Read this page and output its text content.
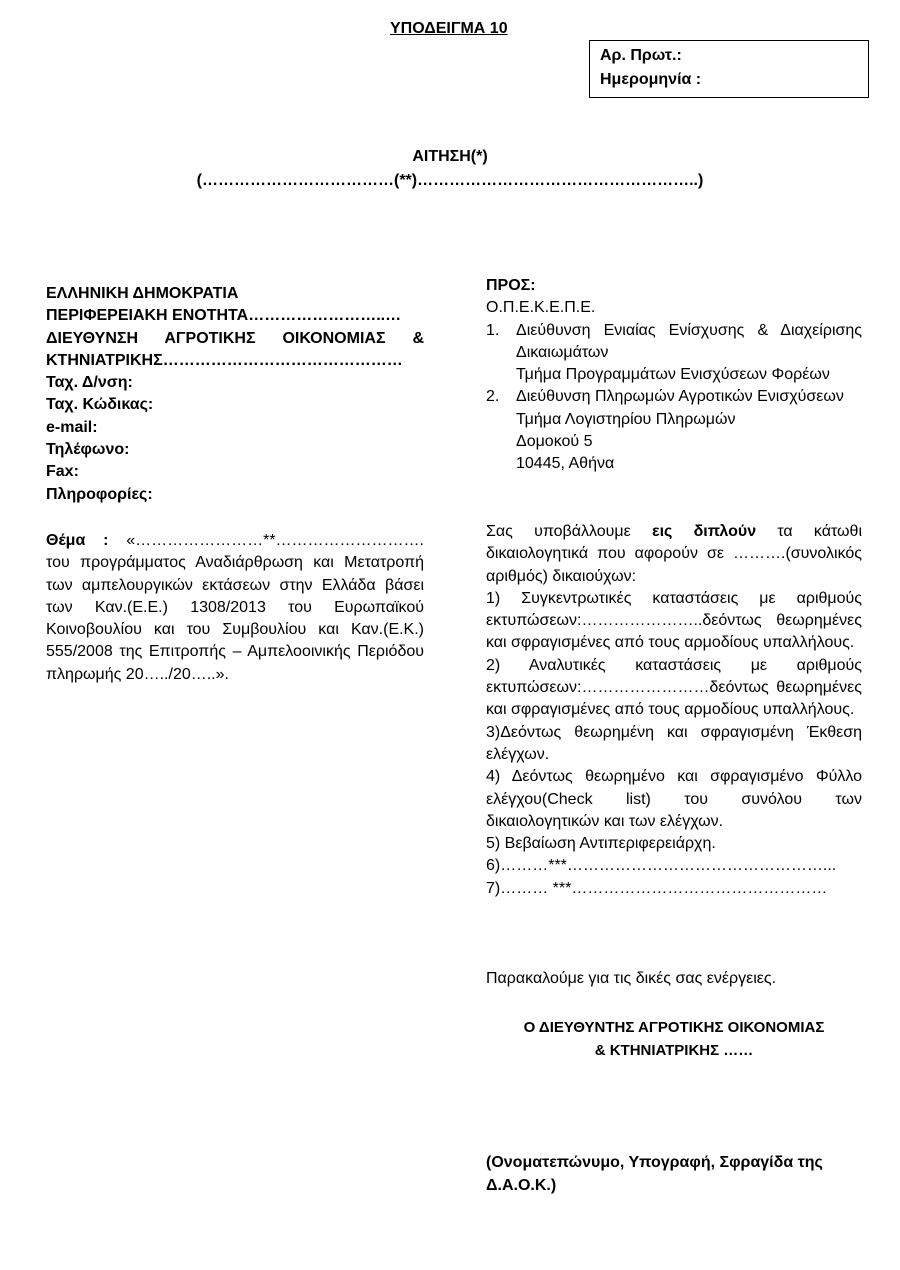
ΥΠΟΔΕΙΓΜΑ 10
Αρ. Πρωτ.:
Ημερομηνία :
ΑΙΤΗΣΗ(*)
(………………………………(**)……………………………………………..)
ΕΛΛΗΝΙΚΗ ΔΗΜΟΚΡΑΤΙΑ
ΠΕΡΙΦΕΡΕΙΑΚΗ ΕΝΟΤΗΤΑ……………………..…
ΔΙΕΥΘΥΝΣΗ ΑΓΡΟΤΙΚΗΣ ΟΙΚΟΝΟΜΙΑΣ &
ΚΤΗΝΙΑΤΡΙΚΗΣ………………………………………
Ταχ. Δ/νση:
Ταχ. Κώδικας:
e-mail:
Τηλέφωνο:
Fax:
Πληροφορίες:
Θέμα : «……………………**………………………. του προγράμματος Αναδιάρθρωση και Μετατροπή των αμπελουργικών εκτάσεων στην Ελλάδα βάσει των Καν.(Ε.Ε.) 1308/2013 του Ευρωπαϊκού Κοινοβουλίου και του Συμβουλίου και Καν.(Ε.Κ.) 555/2008 της Επιτροπής – Αμπελοοινικής Περιόδου πληρωμής 20…../20…..».
ΠΡΟΣ:
Ο.Π.Ε.Κ.Ε.Π.Ε.
1. Διεύθυνση Ενιαίας Ενίσχυσης & Διαχείρισης Δικαιωμάτων
Τμήμα Προγραμμάτων Ενισχύσεων Φορέων
2. Διεύθυνση Πληρωμών Αγροτικών Ενισχύσεων
Τμήμα Λογιστηρίου Πληρωμών
Δομοκού 5
10445, Αθήνα

Σας υποβάλλουμε εις διπλούν τα κάτωθι δικαιολογητικά που αφορούν σε ……….(συνολικός αριθμός) δικαιούχων:

1) Συγκεντρωτικές καταστάσεις με αριθμούς εκτυπώσεων:…………………..δεόντως θεωρημένες και σφραγισμένες από τους αρμοδίους υπαλλήλους.

2) Αναλυτικές καταστάσεις με αριθμούς εκτυπώσεων:……………………δεόντως θεωρημένες και σφραγισμένες από τους αρμοδίους υπαλλήλους.

3)Δεόντως θεωρημένη και σφραγισμένη Έκθεση ελέγχων.

4) Δεόντως θεωρημένο και σφραγισμένο Φύλλο ελέγχου(Check list) του συνόλου των δικαιολογητικών και των ελέγχων.

5) Βεβαίωση Αντιπεριφερειάρχη.

6)………***…………………………………………...

7)……… ***…………………………………………

Παρακαλούμε για τις δικές σας ενέργειες.
Ο ΔΙΕΥΘΥΝΤΗΣ ΑΓΡΟΤΙΚΗΣ ΟΙΚΟΝΟΜΙΑΣ
& ΚΤΗΝΙΑΤΡΙΚΗΣ ……
(Ονοματεπώνυμο, Υπογραφή, Σφραγίδα της Δ.Α.Ο.Κ.)
